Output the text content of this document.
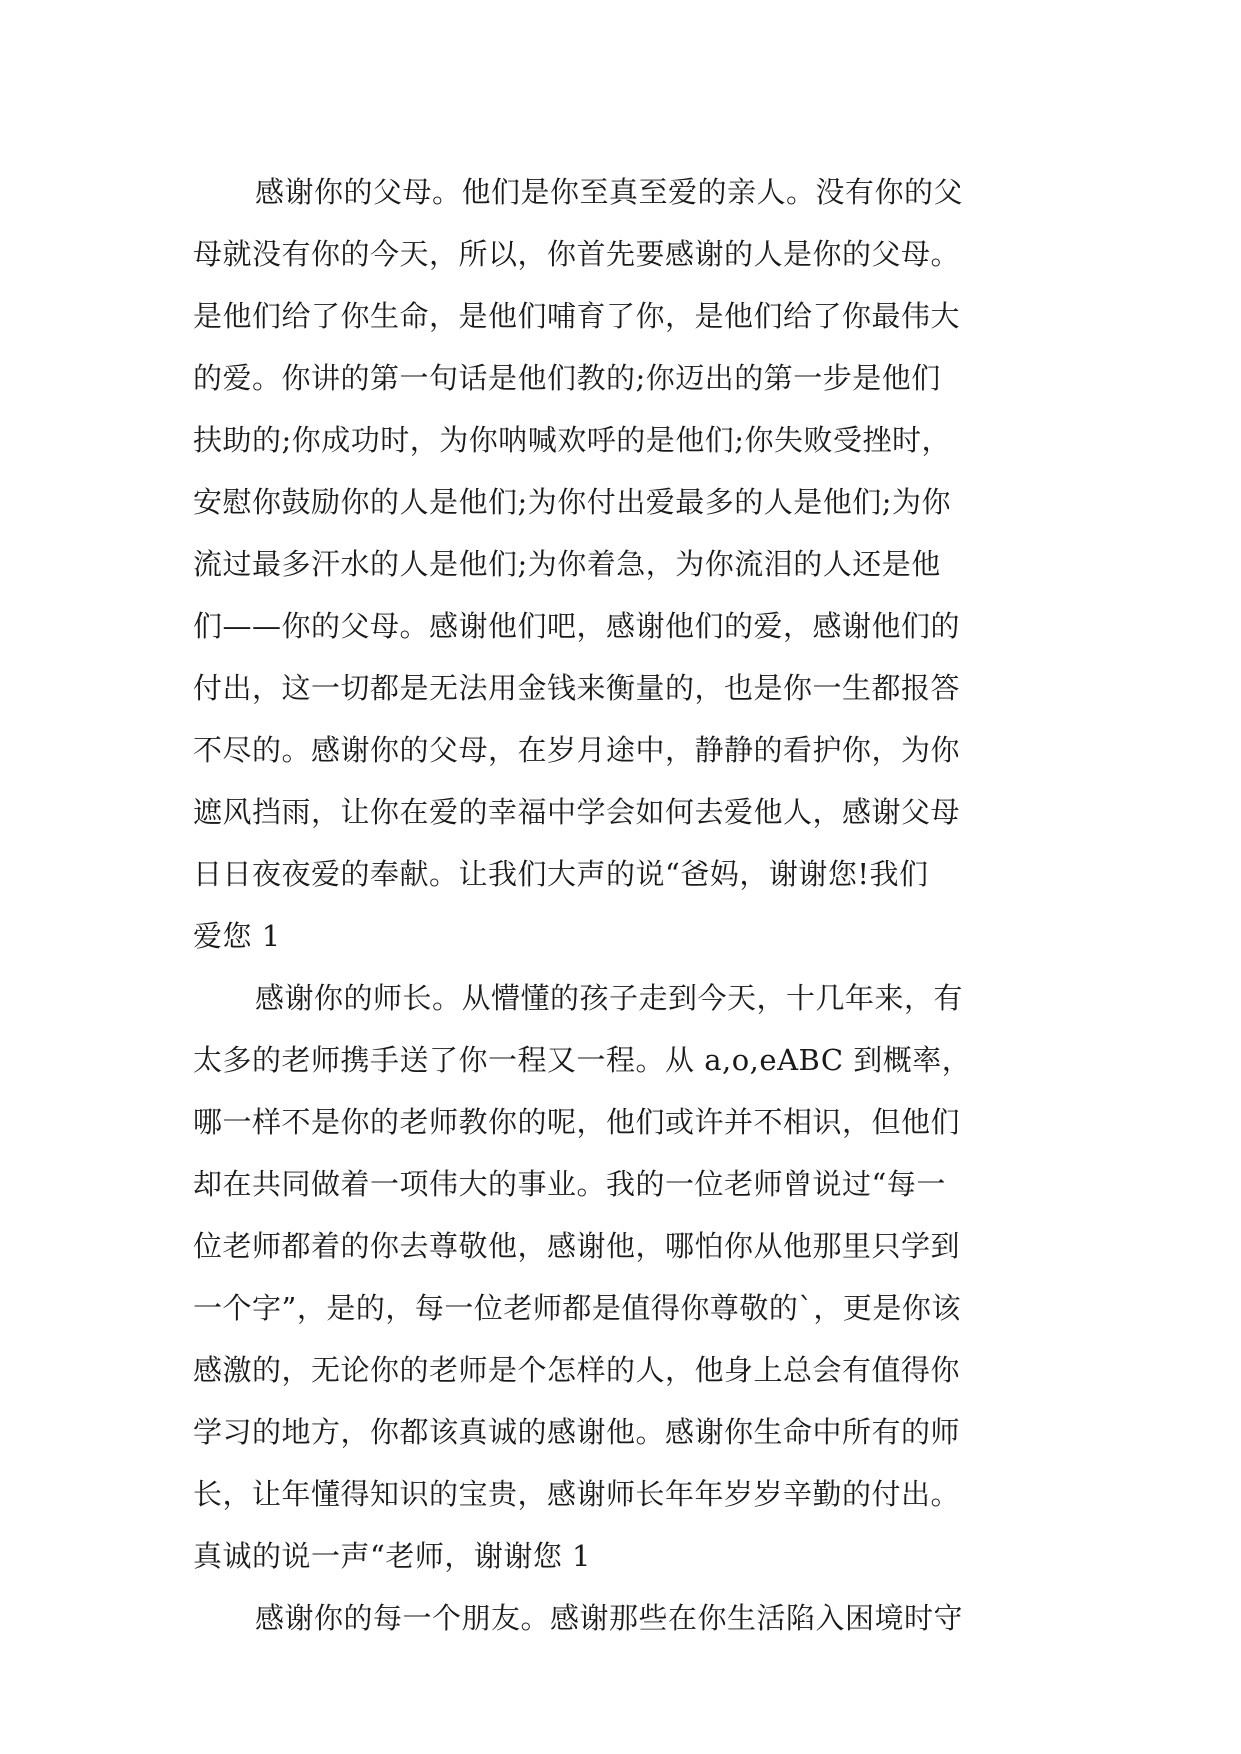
感谢你的父母。他们是你至真至爱的亲人。没有你的父
母就没有你的今天，所以，你首先要感谢的人是你的父母。
是他们给了你生命，是他们哺育了你，是他们给了你最伟大
的爱。你讲的第一句话是他们教的;你迈出的第一步是他们
扶助的;你成功时，为你呐喊欢呼的是他们;你失败受挫时，
安慰你鼓励你的人是他们;为你付出爱最多的人是他们;为你
流过最多汗水的人是他们;为你着急，为你流泪的人还是他
们——你的父母。感谢他们吧，感谢他们的爱，感谢他们的
付出，这一切都是无法用金钱来衡量的，也是你一生都报答
不尽的。感谢你的父母，在岁月途中，静静的看护你，为你
遮风挡雨，让你在爱的幸福中学会如何去爱他人，感谢父母
日日夜夜爱的奉献。让我们大声的说“爸妈，谢谢您!我们
爱您 1
感谢你的师长。从懵懂的孩子走到今天，十几年来，有
太多的老师携手送了你一程又一程。从 a,o,eABC 到概率，
哪一样不是你的老师教你的呢，他们或许并不相识，但他们
却在共同做着一项伟大的事业。我的一位老师曾说过“每一
位老师都着的你去尊敬他，感谢他，哪怕你从他那里只学到
一个字”，是的，每一位老师都是值得你尊敬的`，更是你该
感激的，无论你的老师是个怎样的人，他身上总会有值得你
学习的地方，你都该真诚的感谢他。感谢你生命中所有的师
长，让年懂得知识的宝贵，感谢师长年年岁岁辛勤的付出。
真诚的说一声“老师，谢谢您 1
感谢你的每一个朋友。感谢那些在你生活陷入困境时守
